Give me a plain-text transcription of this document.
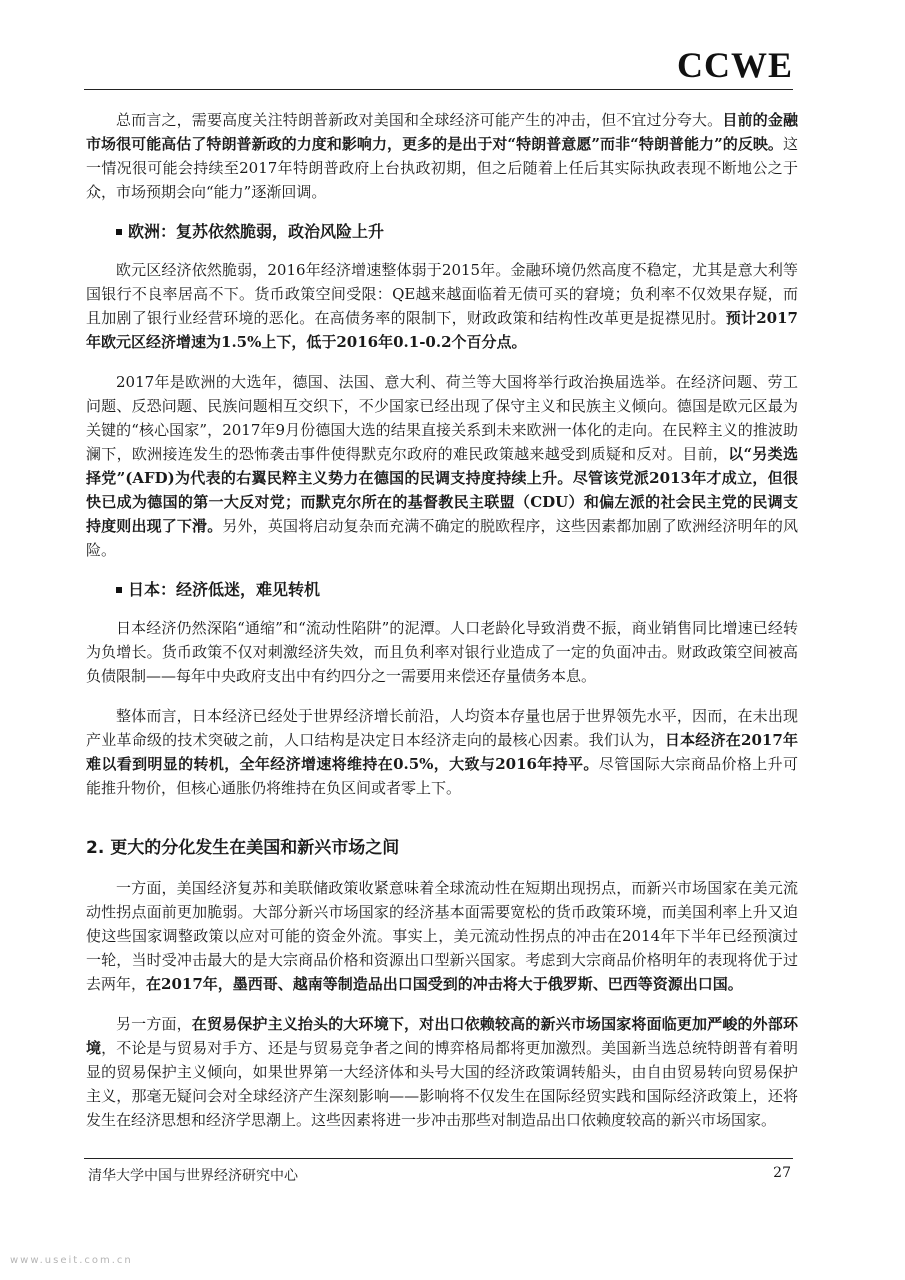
CCWE

总而言之，需要高度关注特朗普新政对美国和全球经济可能产生的冲击，但不宜过分夸大。目前的金融市场很可能高估了特朗普新政的力度和影响力，更多的是出于对“特朗普意愿”而非“特朗普能力”的反映。这一情况很可能会持续至2017年特朗普政府上台执政初期，但之后随着上任后其实际执政表现不断地公之于众，市场预期会向“能力”逐渐回调。

欧洲：复苏依然脆弱，政治风险上升

欧元区经济依然脆弱，2016年经济增速整体弱于2015年。金融环境仍然高度不稳定，尤其是意大利等国银行不良率居高不下。货币政策空间受限：QE越来越面临着无债可买的窘境；负利率不仅效果存疑，而且加剧了银行业经营环境的恶化。在高债务率的限制下，财政政策和结构性改革更是捉襟见肘。预计2017年欧元区经济增速为1.5%上下，低于2016年0.1-0.2个百分点。

2017年是欧洲的大选年，德国、法国、意大利、荷兰等大国将举行政治换届选举。在经济问题、劳工问题、反恐问题、民族问题相互交织下，不少国家已经出现了保守主义和民族主义倾向。德国是欧元区最为关键的“核心国家”，2017年9月份德国大选的结果直接关系到未来欧洲一体化的走向。在民粹主义的推波助澜下，欧洲接连发生的恐怖袭击事件使得默克尔政府的难民政策越来越受到质疑和反对。目前，以“另类选择党”(AFD)为代表的右翼民粹主义势力在德国的民调支持度持续上升。尽管该党派2013年才成立，但很快已成为德国的第一大反对党；而默克尔所在的基督教民主联盟（CDU）和偏左派的社会民主党的民调支持度则出现了下滑。另外，英国将启动复杂而充满不确定的脱欧程序，这些因素都加剧了欧洲经济明年的风险。

日本：经济低迷，难见转机

日本经济仍然深陷“通缩”和“流动性陷阱”的泥潭。人口老龄化导致消费不振，商业销售同比增速已经转为负增长。货币政策不仅对刺激经济失效，而且负利率对银行业造成了一定的负面冲击。财政政策空间被高负债限制——每年中央政府支出中有约四分之一需要用来偿还存量债务本息。

整体而言，日本经济已经处于世界经济增长前沿，人均资本存量也居于世界领先水平，因而，在未出现产业革命级的技术突破之前，人口结构是决定日本经济走向的最核心因素。我们认为，日本经济在2017年难以看到明显的转机，全年经济增速将维持在0.5%，大致与2016年持平。尽管国际大宗商品价格上升可能推升物价，但核心通胀仍将维持在负区间或者零上下。

2. 更大的分化发生在美国和新兴市场之间

一方面，美国经济复苏和美联储政策收紧意味着全球流动性在短期出现拐点，而新兴市场国家在美元流动性拐点面前更加脆弱。大部分新兴市场国家的经济基本面需要宽松的货币政策环境，而美国利率上升又迫使这些国家调整政策以应对可能的资金外流。事实上，美元流动性拐点的冲击在2014年下半年已经预演过一轮，当时受冲击最大的是大宗商品价格和资源出口型新兴国家。考虑到大宗商品价格明年的表现将优于过去两年，在2017年，墨西哥、越南等制造品出口国受到的冲击将大于俄罗斯、巴西等资源出口国。

另一方面，在贸易保护主义抬头的大环境下，对出口依赖较高的新兴市场国家将面临更加严峻的外部环境，不论是与贸易对手方、还是与贸易竞争者之间的博弈格局都将更加激烈。美国新当选总统特朗普有着明显的贸易保护主义倾向，如果世界第一大经济体和头号大国的经济政策调转船头，由自由贸易转向贸易保护主义，那毫无疑问会对全球经济产生深刻影响——影响将不仅发生在国际经贸实践和国际经济政策上，还将发生在经济思想和经济学思潮上。这些因素将进一步冲击那些对制造品出口依赖度较高的新兴市场国家。

清华大学中国与世界经济研究中心	27
www.useit.com.cn
